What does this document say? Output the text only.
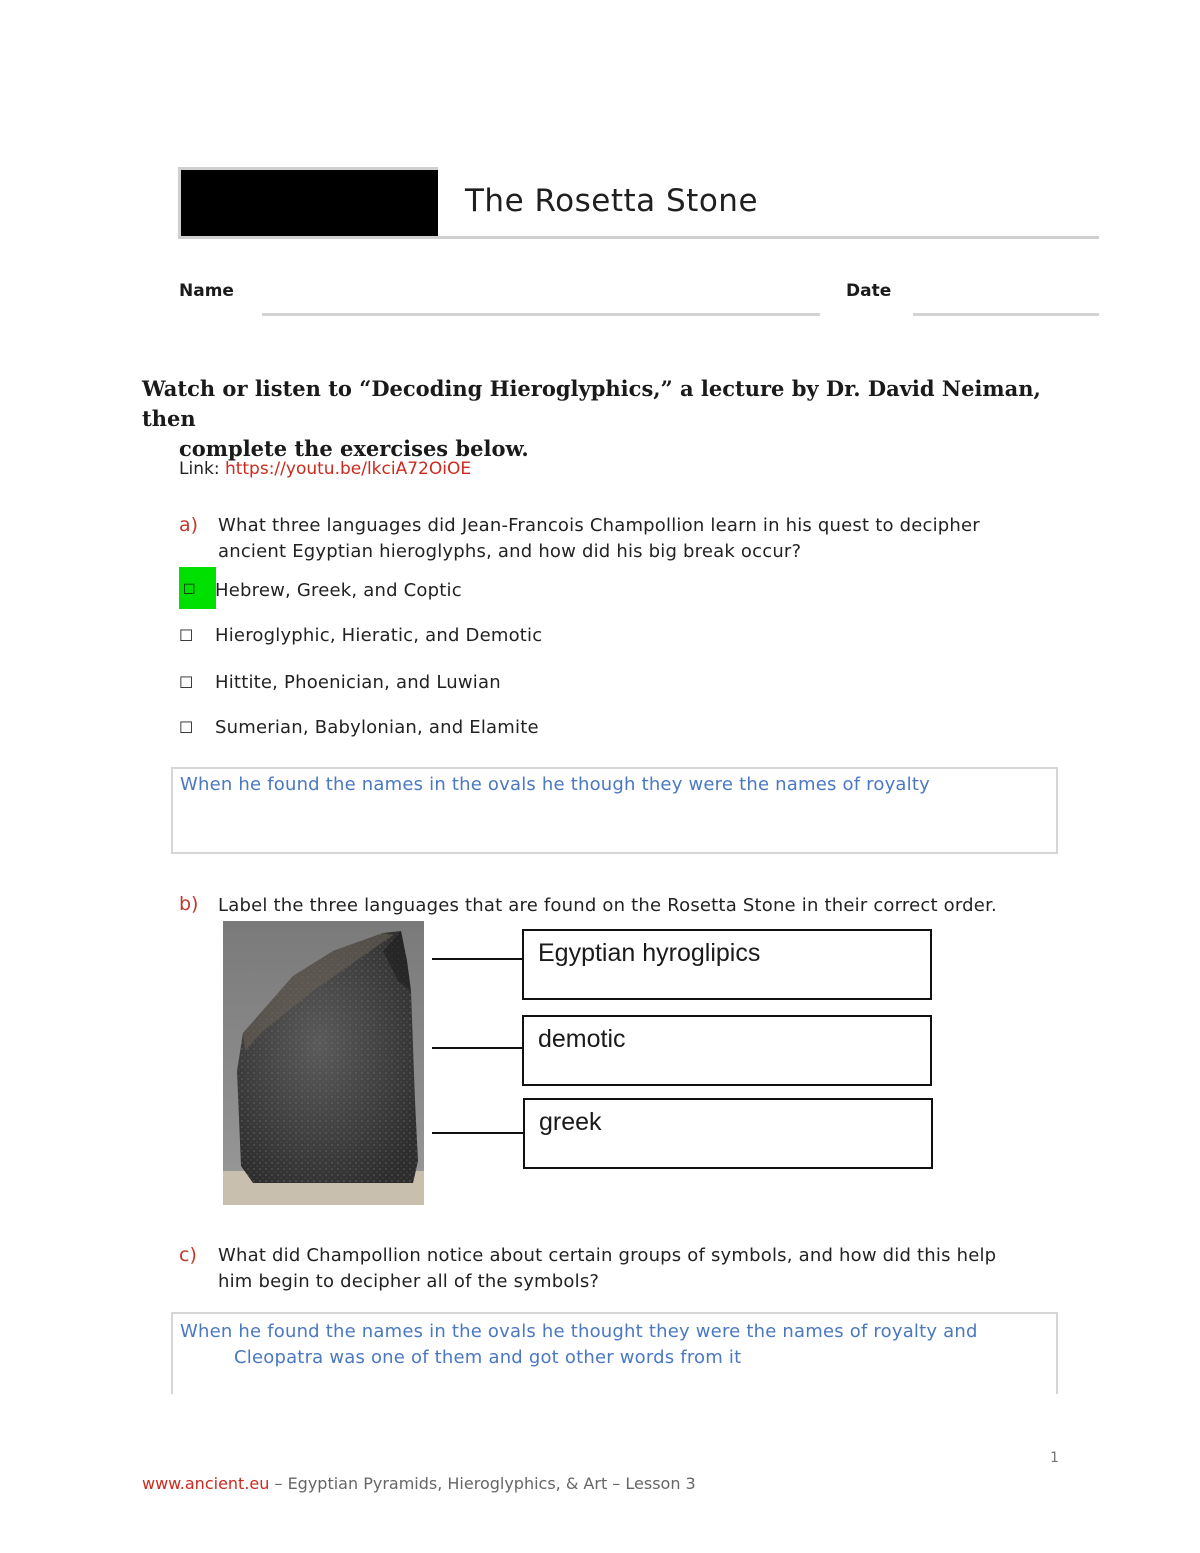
The Rosetta Stone
Name	Date
Watch or listen to “Decoding Hieroglyphics,” a lecture by Dr. David Neiman, then
complete the exercises below.
Link: https://youtu.be/lkciA72OiOE
a) What three languages did Jean-Francois Champollion learn in his quest to decipher
ancient Egyptian hieroglyphs, and how did his big break occur?
☐ Hebrew, Greek, and Coptic
☐ Hieroglyphic, Hieratic, and Demotic
☐ Hittite, Phoenician, and Luwian
☐ Sumerian, Babylonian, and Elamite
When he found the names in the ovals he though they were the names of royalty
b) Label the three languages that are found on the Rosetta Stone in their correct order.
Egyptian hyroglipics
demotic
greek
c) What did Champollion notice about certain groups of symbols, and how did this help
him begin to decipher all of the symbols?
When he found the names in the ovals he thought they were the names of royalty and
Cleopatra was one of them and got other words from it
1
www.ancient.eu – Egyptian Pyramids, Hieroglyphics, & Art – Lesson 3
